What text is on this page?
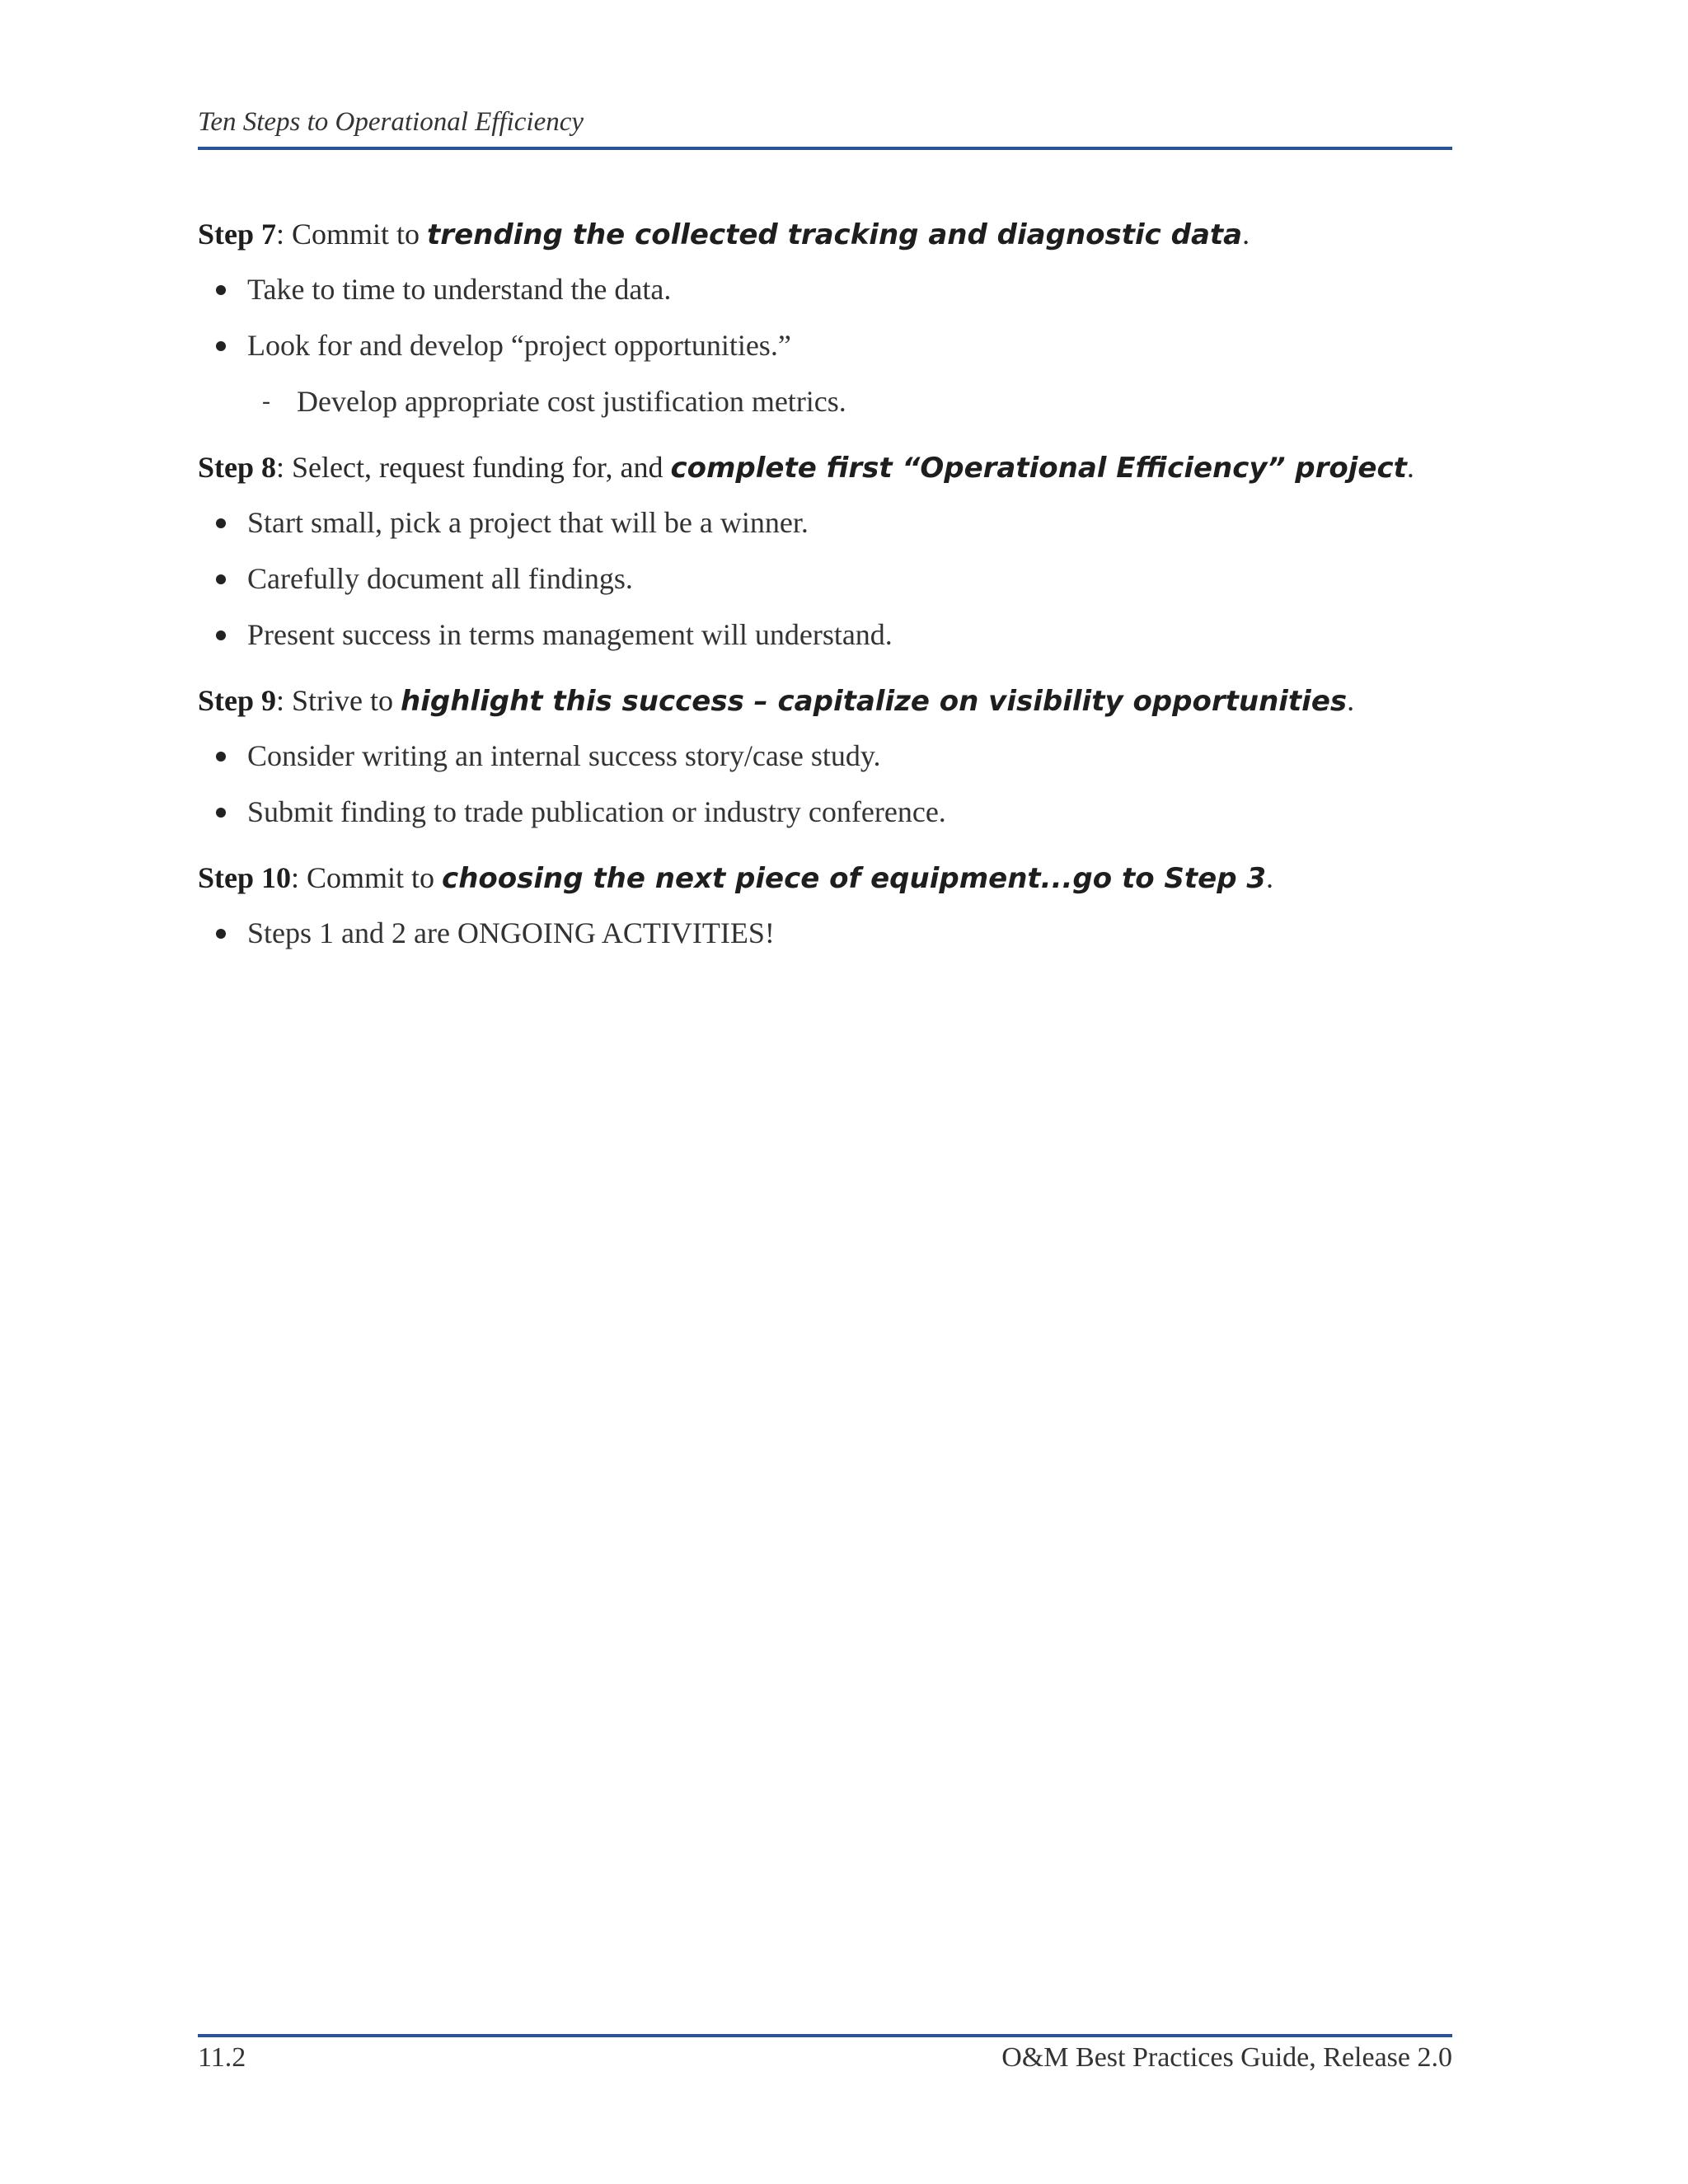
Ten Steps to Operational Efficiency

Step 7: Commit to trending the collected tracking and diagnostic data.

Take to time to understand the data.
Look for and develop “project opportunities.”
- Develop appropriate cost justification metrics.

Step 8: Select, request funding for, and complete first “Operational Efficiency” project.

Start small, pick a project that will be a winner.
Carefully document all findings.
Present success in terms management will understand.

Step 9: Strive to highlight this success – capitalize on visibility opportunities.

Consider writing an internal success story/case study.
Submit finding to trade publication or industry conference.

Step 10: Commit to choosing the next piece of equipment...go to Step 3.

Steps 1 and 2 are ONGOING ACTIVITIES!
11.2	O&M Best Practices Guide, Release 2.0
